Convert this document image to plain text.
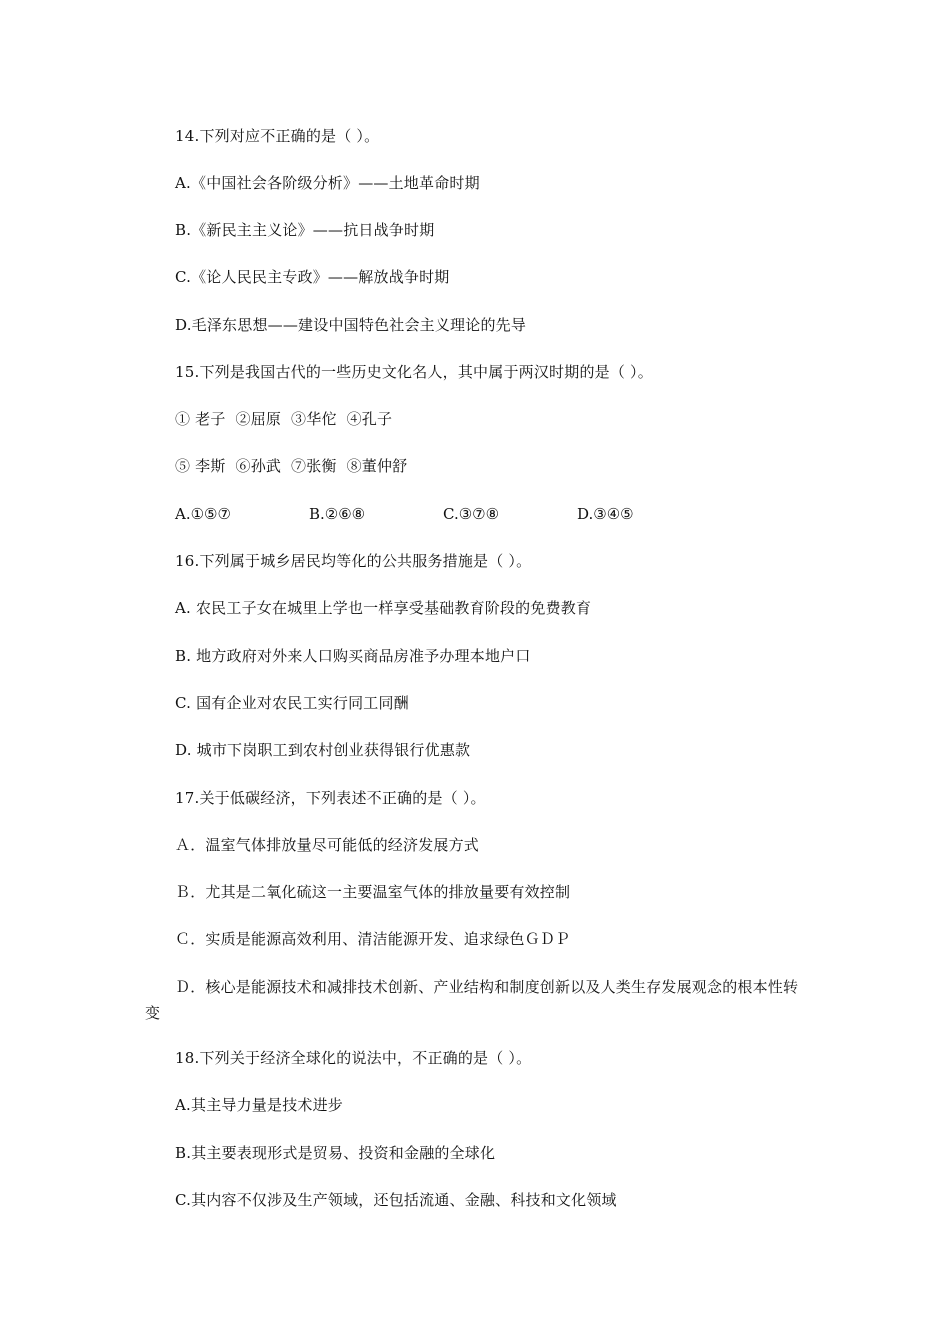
14.下列对应不正确的是（ ）。
A.《中国社会各阶级分析》——土地革命时期
B.《新民主主义论》——抗日战争时期
C.《论人民民主专政》——解放战争时期
D.毛泽东思想——建设中国特色社会主义理论的先导
15.下列是我国古代的一些历史文化名人，其中属于两汉时期的是（ ）。
① 老子  ②屈原  ③华佗  ④孔子
⑤ 李斯  ⑥孙武  ⑦张衡  ⑧董仲舒
A.①⑤⑦	B.②⑥⑧	C.③⑦⑧	D.③④⑤
16.下列属于城乡居民均等化的公共服务措施是（ ）。
A. 农民工子女在城里上学也一样享受基础教育阶段的免费教育
B. 地方政府对外来人口购买商品房准予办理本地户口
C. 国有企业对农民工实行同工同酬
D. 城市下岗职工到农村创业获得银行优惠款
17.关于低碳经济，下列表述不正确的是（ ）。
Ａ．温室气体排放量尽可能低的经济发展方式
Ｂ．尤其是二氧化硫这一主要温室气体的排放量要有效控制
Ｃ．实质是能源高效利用、清洁能源开发、追求绿色ＧＤＰ
Ｄ．核心是能源技术和减排技术创新、产业结构和制度创新以及人类生存发展观念的根本性转变
18.下列关于经济全球化的说法中，不正确的是（ ）。
A.其主导力量是技术进步
B.其主要表现形式是贸易、投资和金融的全球化
C.其内容不仅涉及生产领域，还包括流通、金融、科技和文化领域
